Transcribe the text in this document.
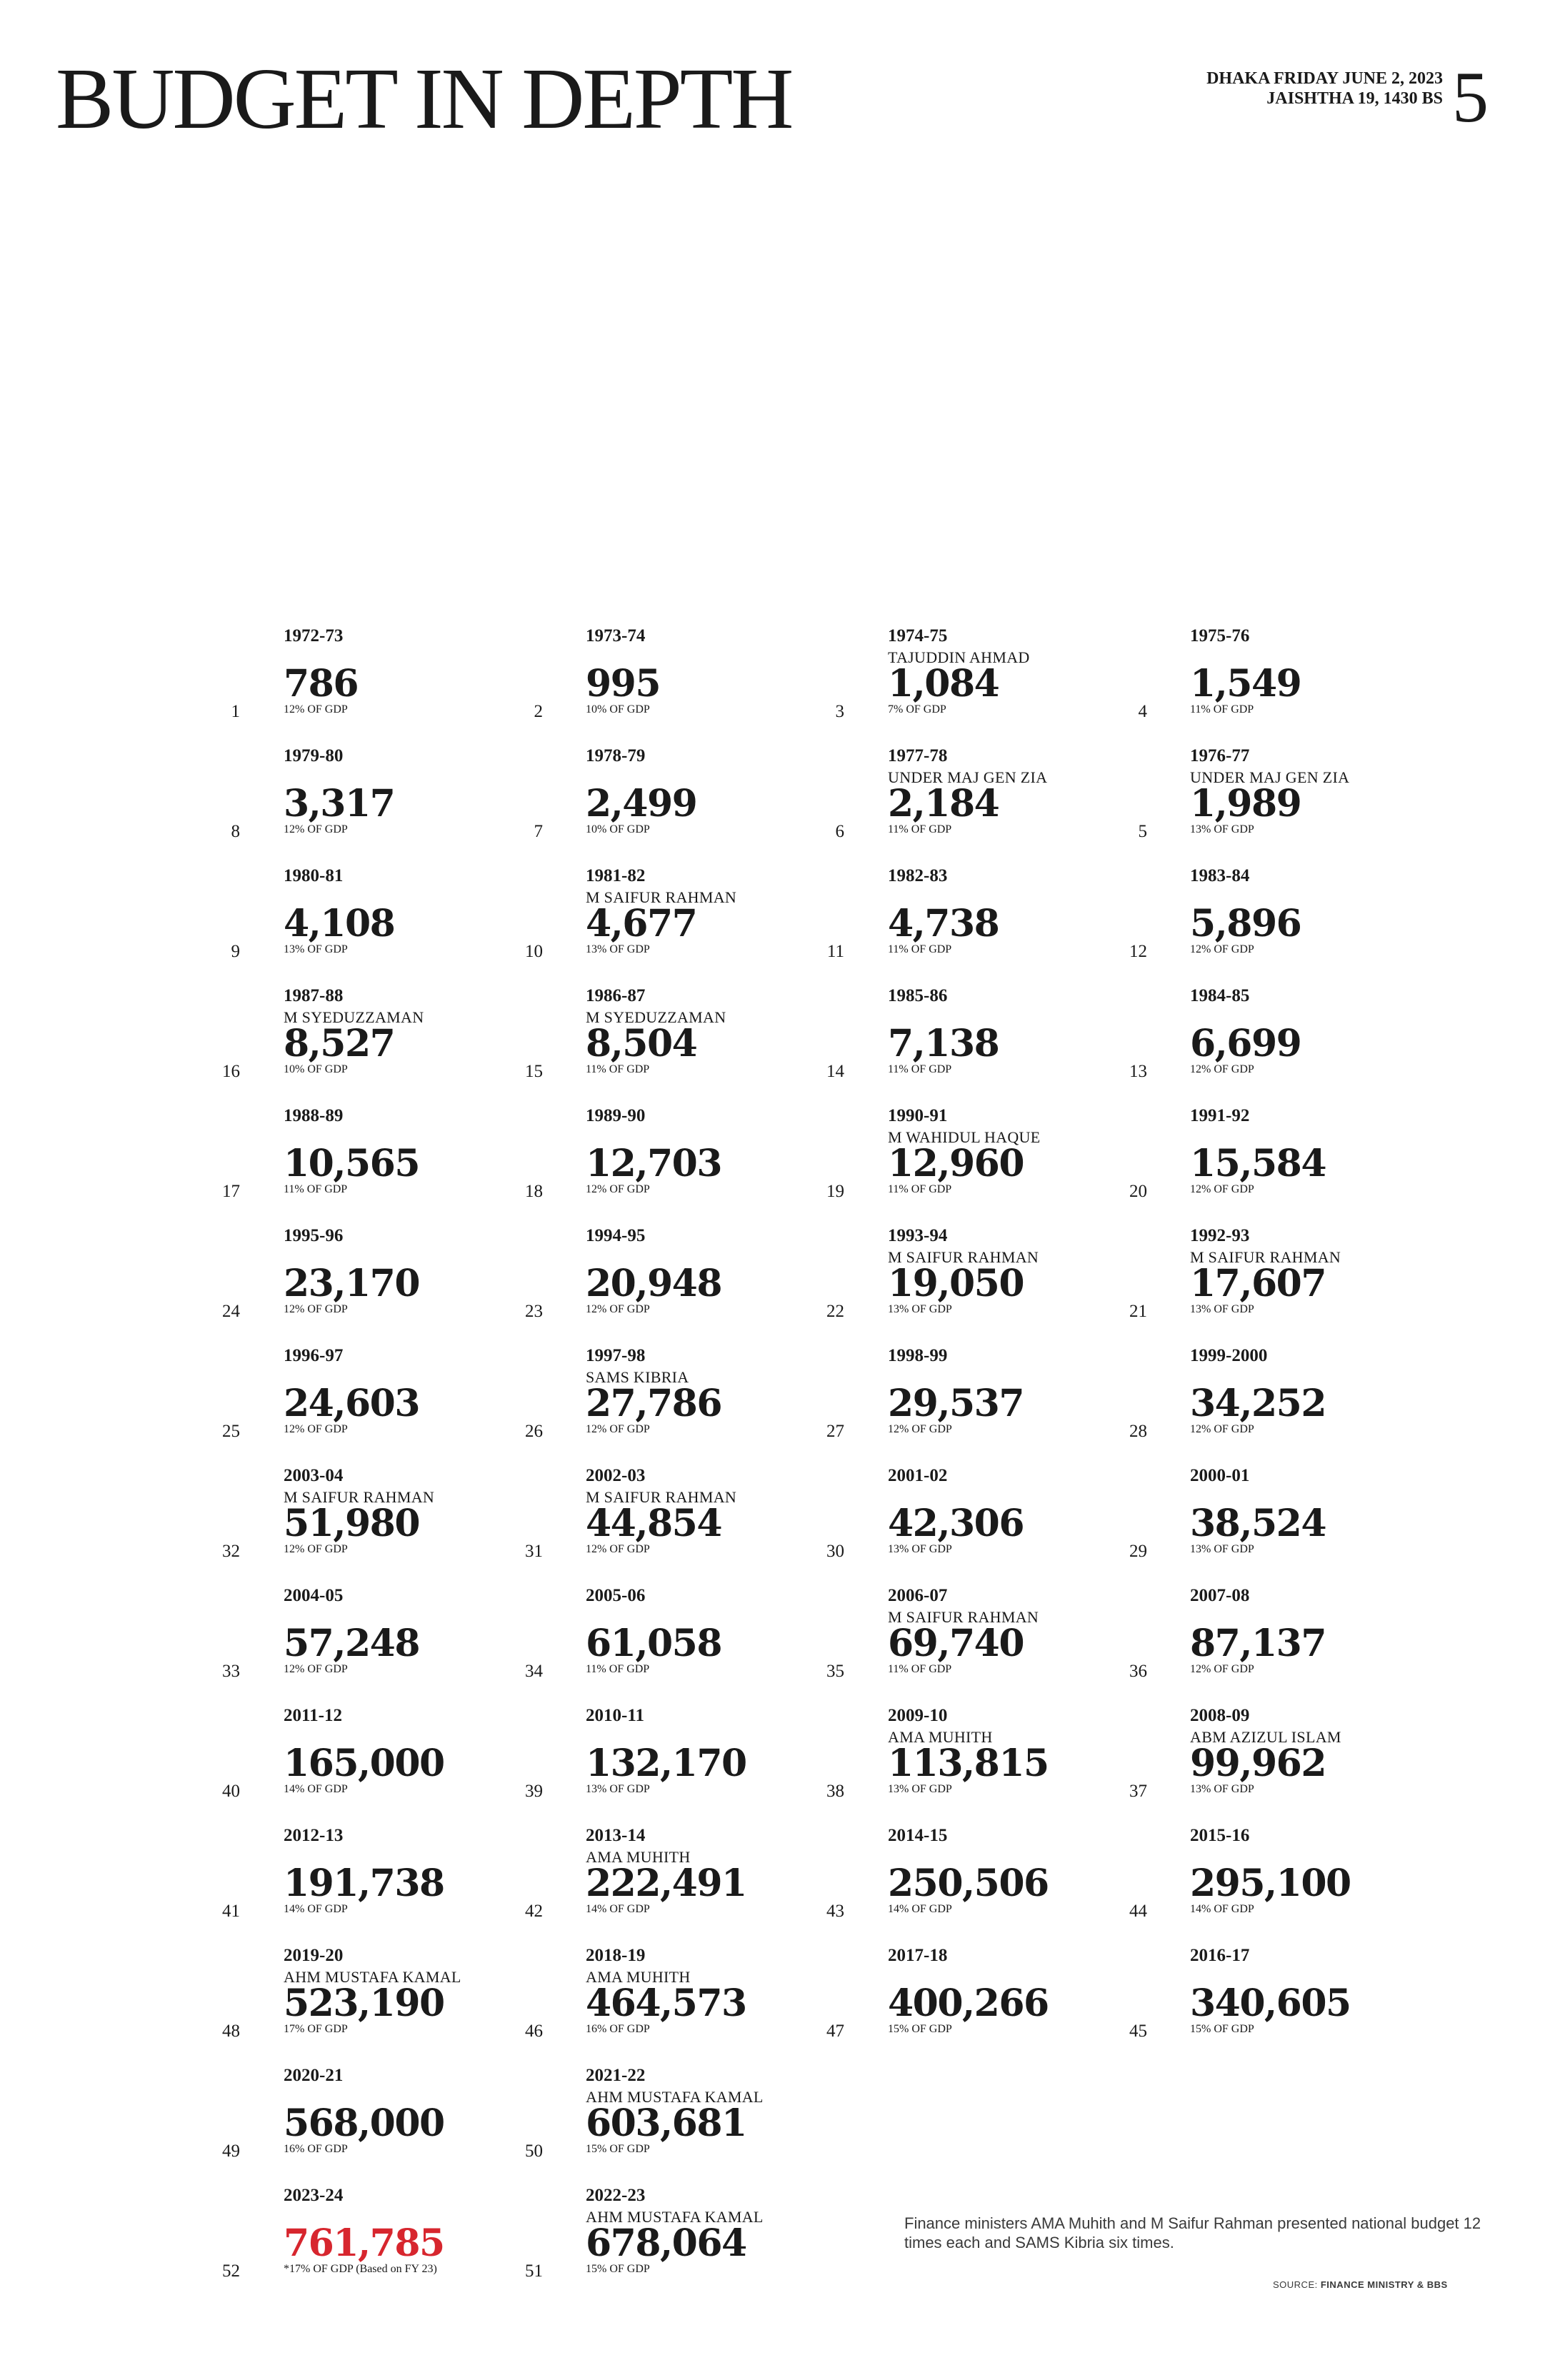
BUDGET IN DEPTH	DHAKA FRIDAY JUNE 2, 2023
JAISHTHA 19, 1430 BS 5
1972-73
786
12% OF GDP
1
1973-74
995
10% OF GDP
2
1974-75
TAJUDDIN AHMAD
1,084
7% OF GDP
3
1975-76
1,549
11% OF GDP
4
1979-80
3,317
12% OF GDP
8
1978-79
2,499
10% OF GDP
7
1977-78
UNDER MAJ GEN ZIA
2,184
11% OF GDP
6
1976-77
UNDER MAJ GEN ZIA
1,989
13% OF GDP
5
1980-81
4,108
13% OF GDP
9
1981-82
M SAIFUR RAHMAN
4,677
13% OF GDP
10
1982-83
4,738
11% OF GDP
11
1983-84
5,896
12% OF GDP
12
1987-88
M SYEDUZZAMAN
8,527
10% OF GDP
16
1986-87
M SYEDUZZAMAN
8,504
11% OF GDP
15
1985-86
7,138
11% OF GDP
14
1984-85
6,699
12% OF GDP
13
1988-89
10,565
11% OF GDP
17
1989-90
12,703
12% OF GDP
18
1990-91
M WAHIDUL HAQUE
12,960
11% OF GDP
19
1991-92
15,584
12% OF GDP
20
1995-96
23,170
12% OF GDP
24
1994-95
20,948
12% OF GDP
23
1993-94
M SAIFUR RAHMAN
19,050
13% OF GDP
22
1992-93
M SAIFUR RAHMAN
17,607
13% OF GDP
21
1996-97
24,603
12% OF GDP
25
1997-98
SAMS KIBRIA
27,786
12% OF GDP
26
1998-99
29,537
12% OF GDP
27
1999-2000
34,252
12% OF GDP
28
2003-04
M SAIFUR RAHMAN
51,980
12% OF GDP
32
2002-03
M SAIFUR RAHMAN
44,854
12% OF GDP
31
2001-02
42,306
13% OF GDP
30
2000-01
38,524
13% OF GDP
29
2004-05
57,248
12% OF GDP
33
2005-06
61,058
11% OF GDP
34
2006-07
M SAIFUR RAHMAN
69,740
11% OF GDP
35
2007-08
87,137
12% OF GDP
36
2011-12
165,000
14% OF GDP
40
2010-11
132,170
13% OF GDP
39
2009-10
AMA MUHITH
113,815
13% OF GDP
38
2008-09
ABM AZIZUL ISLAM
99,962
13% OF GDP
37
2012-13
191,738
14% OF GDP
41
2013-14
AMA MUHITH
222,491
14% OF GDP
42
2014-15
250,506
14% OF GDP
43
2015-16
295,100
14% OF GDP
44
2019-20
AHM MUSTAFA KAMAL
523,190
17% OF GDP
48
2018-19
AMA MUHITH
464,573
16% OF GDP
46
2017-18
400,266
15% OF GDP
47
2016-17
340,605
15% OF GDP
45
2020-21
568,000
16% OF GDP
49
2021-22
AHM MUSTAFA KAMAL
603,681
15% OF GDP
50
2023-24
761,785
*17% OF GDP (Based on FY 23)
52
2022-23
AHM MUSTAFA KAMAL
678,064
15% OF GDP
51
Finance ministers AMA Muhith and M Saifur Rahman presented national budget 12 times each and SAMS Kibria six times.
SOURCE: FINANCE MINISTRY & BBS
